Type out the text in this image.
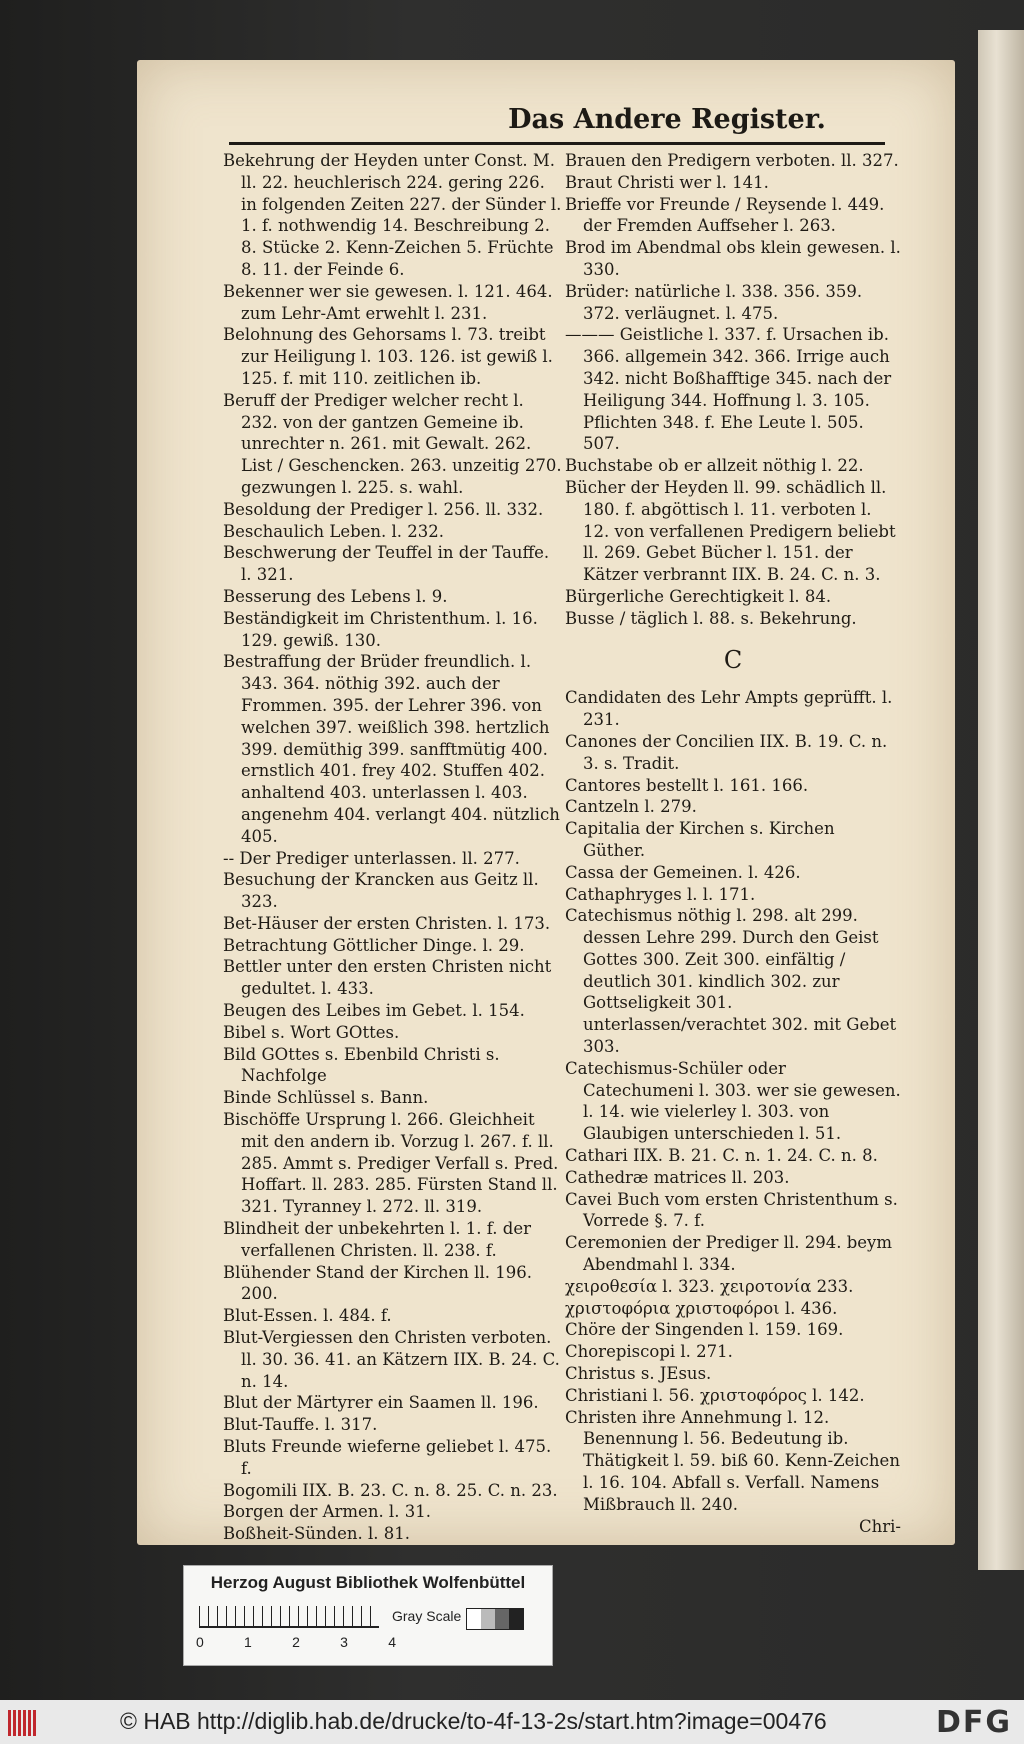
Das Andere Register.

Bekehrung der Heyden unter Const. M. ll. 22. heuchlerisch 224. gering 226. in folgenden Zeiten 227. der Sünder l. 1. f. nothwendig 14. Beschreibung 2. 8. Stücke 2. Kenn-Zeichen 5. Früchte 8. 11. der Feinde 6.

Bekenner wer sie gewesen. l. 121. 464. zum Lehr-Amt erwehlt l. 231.

Belohnung des Gehorsams l. 73. treibt zur Heiligung l. 103. 126. ist gewiß l. 125. f. mit 110. zeitlichen ib.

Beruff der Prediger welcher recht l. 232. von der gantzen Gemeine ib. unrechter n. 261. mit Gewalt. 262. List / Geschencken. 263. unzeitig 270. gezwungen l. 225. s. wahl.

Besoldung der Prediger l. 256. ll. 332.

Beschaulich Leben. l. 232.

Beschwerung der Teuffel in der Tauffe. l. 321.

Besserung des Lebens l. 9.

Beständigkeit im Christenthum. l. 16. 129. gewiß. 130.

Bestraffung der Brüder freundlich. l. 343. 364. nöthig 392. auch der Frommen. 395. der Lehrer 396. von welchen 397. weißlich 398. hertzlich 399. demüthig 399. sanfftmütig 400. ernstlich 401. frey 402. Stuffen 402. anhaltend 403. unterlassen l. 403. angenehm 404. verlangt 404. nützlich 405.

-- Der Prediger unterlassen. ll. 277.

Besuchung der Krancken aus Geitz ll. 323.

Bet-Häuser der ersten Christen. l. 173.

Betrachtung Göttlicher Dinge. l. 29.

Bettler unter den ersten Christen nicht gedultet. l. 433.

Beugen des Leibes im Gebet. l. 154.

Bibel s. Wort GOttes.

Bild GOttes s. Ebenbild Christi s. Nachfolge

Binde Schlüssel s. Bann.

Bischöffe Ursprung l. 266. Gleichheit mit den andern ib. Vorzug l. 267. f. ll. 285. Ammt s. Prediger Verfall s. Pred. Hoffart. ll. 283. 285. Fürsten Stand ll. 321. Tyranney l. 272. ll. 319.

Blindheit der unbekehrten l. 1. f. der verfallenen Christen. ll. 238. f.

Blühender Stand der Kirchen ll. 196. 200.

Blut-Essen. l. 484. f.

Blut-Vergiessen den Christen verboten. ll. 30. 36. 41. an Kätzern IIX. B. 24. C. n. 14.

Blut der Märtyrer ein Saamen ll. 196.

Blut-Tauffe. l. 317.

Bluts Freunde wieferne geliebet l. 475. f.

Bogomili IIX. B. 23. C. n. 8. 25. C. n. 23.

Borgen der Armen. l. 31.

Boßheit-Sünden. l. 81.

Brauen den Predigern verboten. ll. 327.

Braut Christi wer l. 141.

Brieffe vor Freunde / Reysende l. 449. der Fremden Auffseher l. 263.

Brod im Abendmal obs klein gewesen. l. 330.

Brüder: natürliche l. 338. 356. 359. 372. verläugnet. l. 475.

——— Geistliche l. 337. f. Ursachen ib. 366. allgemein 342. 366. Irrige auch 342. nicht Boßhafftige 345. nach der Heiligung 344. Hoffnung l. 3. 105. Pflichten 348. f. Ehe Leute l. 505. 507.

Buchstabe ob er allzeit nöthig l. 22.

Bücher der Heyden ll. 99. schädlich ll. 180. f. abgöttisch l. 11. verboten l. 12. von verfallenen Predigern beliebt ll. 269. Gebet Bücher l. 151. der Kätzer verbrannt IIX. B. 24. C. n. 3.

Bürgerliche Gerechtigkeit l. 84.

Busse / täglich l. 88. s. Bekehrung.

C

Candidaten des Lehr Ampts geprüfft. l. 231.

Canones der Concilien IIX. B. 19. C. n. 3. s. Tradit.

Cantores bestellt l. 161. 166.

Cantzeln l. 279.

Capitalia der Kirchen s. Kirchen Güther.

Cassa der Gemeinen. l. 426.

Cathaphryges l. l. 171.

Catechismus nöthig l. 298. alt 299. dessen Lehre 299. Durch den Geist Gottes 300. Zeit 300. einfältig / deutlich 301. kindlich 302. zur Gottseligkeit 301. unterlassen/verachtet 302. mit Gebet 303.

Catechismus-Schüler oder Catechumeni l. 303. wer sie gewesen. l. 14. wie vielerley l. 303. von Glaubigen unterschieden l. 51.

Cathari IIX. B. 21. C. n. 1. 24. C. n. 8.

Cathedræ matrices ll. 203.

Cavei Buch vom ersten Christenthum s. Vorrede §. 7. f.

Ceremonien der Prediger ll. 294. beym Abendmahl l. 334.

χειροθεσία l. 323. χειροτονία 233.

χριστοφόρια χριστοφόροι l. 436.

Chöre der Singenden l. 159. 169.

Chorepiscopi l. 271.

Christus s. JEsus.

Christiani l. 56. χριστοφόρος l. 142.

Christen ihre Annehmung l. 12. Benennung l. 56. Bedeutung ib. Thätigkeit l. 59. biß 60. Kenn-Zeichen l. 16. 104. Abfall s. Verfall. Namens Mißbrauch ll. 240.

Chri-
Herzog August Bibliothek Wolfenbüttel
0	1	2	3	4
Gray Scale
© HAB http://diglib.hab.de/drucke/to-4f-13-2s/start.htm?image=00476	DFG
